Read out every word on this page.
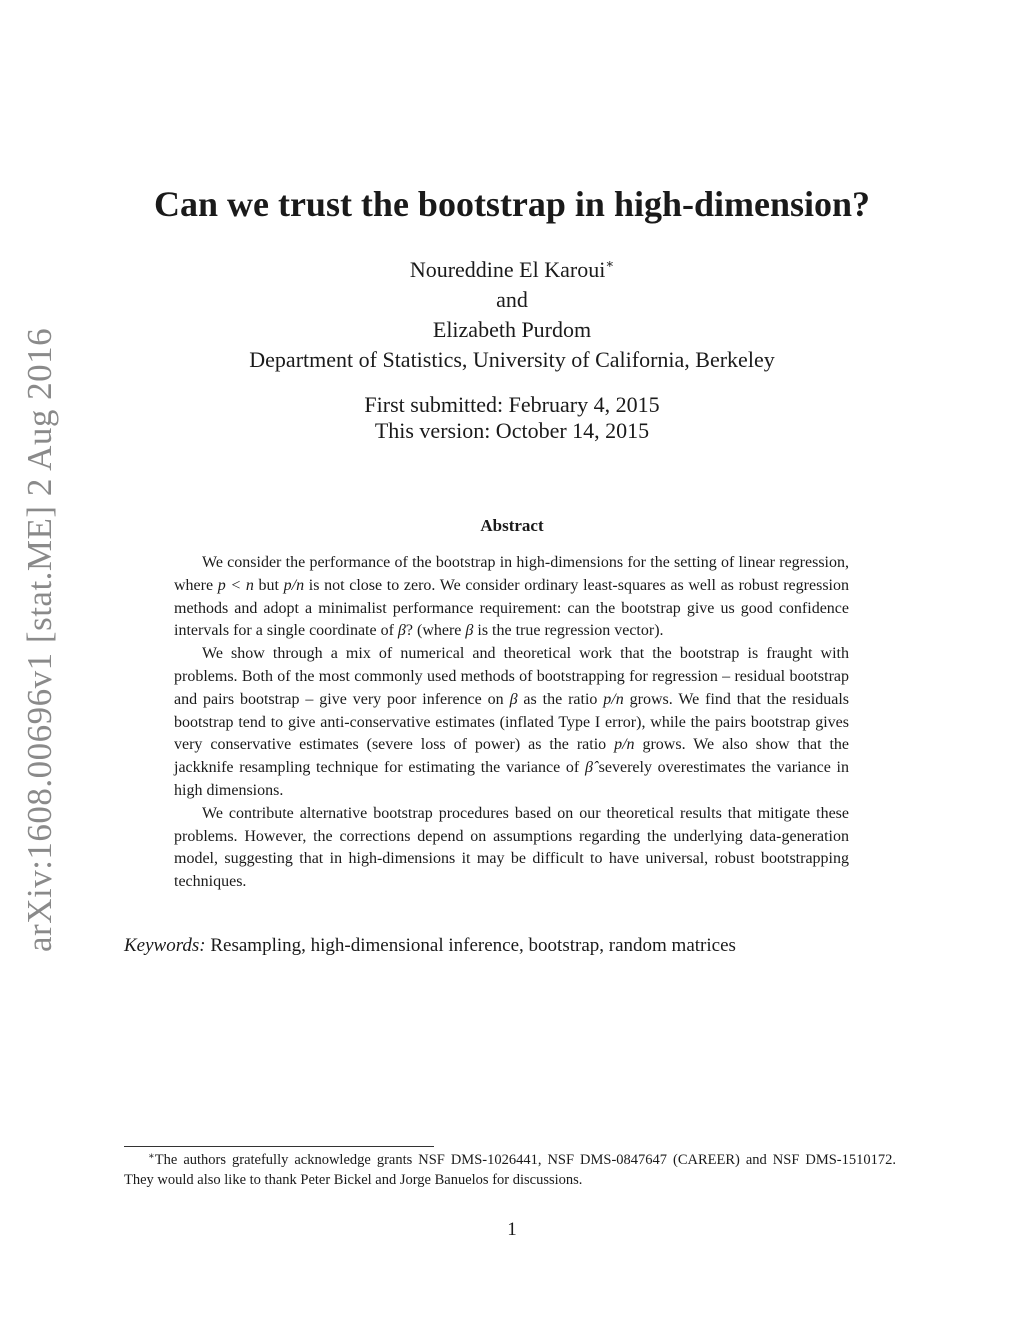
arXiv:1608.00696v1 [stat.ME] 2 Aug 2016
Can we trust the bootstrap in high-dimension?
Noureddine El Karoui∗
and
Elizabeth Purdom
Department of Statistics, University of California, Berkeley
First submitted: February 4, 2015
This version: October 14, 2015
Abstract

We consider the performance of the bootstrap in high-dimensions for the setting of linear regression, where p < n but p/n is not close to zero. We consider ordinary least-squares as well as robust regression methods and adopt a minimalist performance requirement: can the bootstrap give us good confidence intervals for a single coordinate of β? (where β is the true regression vector).

We show through a mix of numerical and theoretical work that the bootstrap is fraught with problems. Both of the most commonly used methods of bootstrapping for regression – residual bootstrap and pairs bootstrap – give very poor inference on β as the ratio p/n grows. We find that the residuals bootstrap tend to give anti-conservative estimates (inflated Type I error), while the pairs bootstrap gives very conservative estimates (severe loss of power) as the ratio p/n grows. We also show that the jackknife resampling technique for estimating the variance of β̂ severely overestimates the variance in high dimensions.

We contribute alternative bootstrap procedures based on our theoretical results that mitigate these problems. However, the corrections depend on assumptions regarding the underlying data-generation model, suggesting that in high-dimensions it may be difficult to have universal, robust bootstrapping techniques.

Keywords: Resampling, high-dimensional inference, bootstrap, random matrices

∗The authors gratefully acknowledge grants NSF DMS-1026441, NSF DMS-0847647 (CAREER) and NSF DMS-1510172. They would also like to thank Peter Bickel and Jorge Banuelos for discussions.

1
